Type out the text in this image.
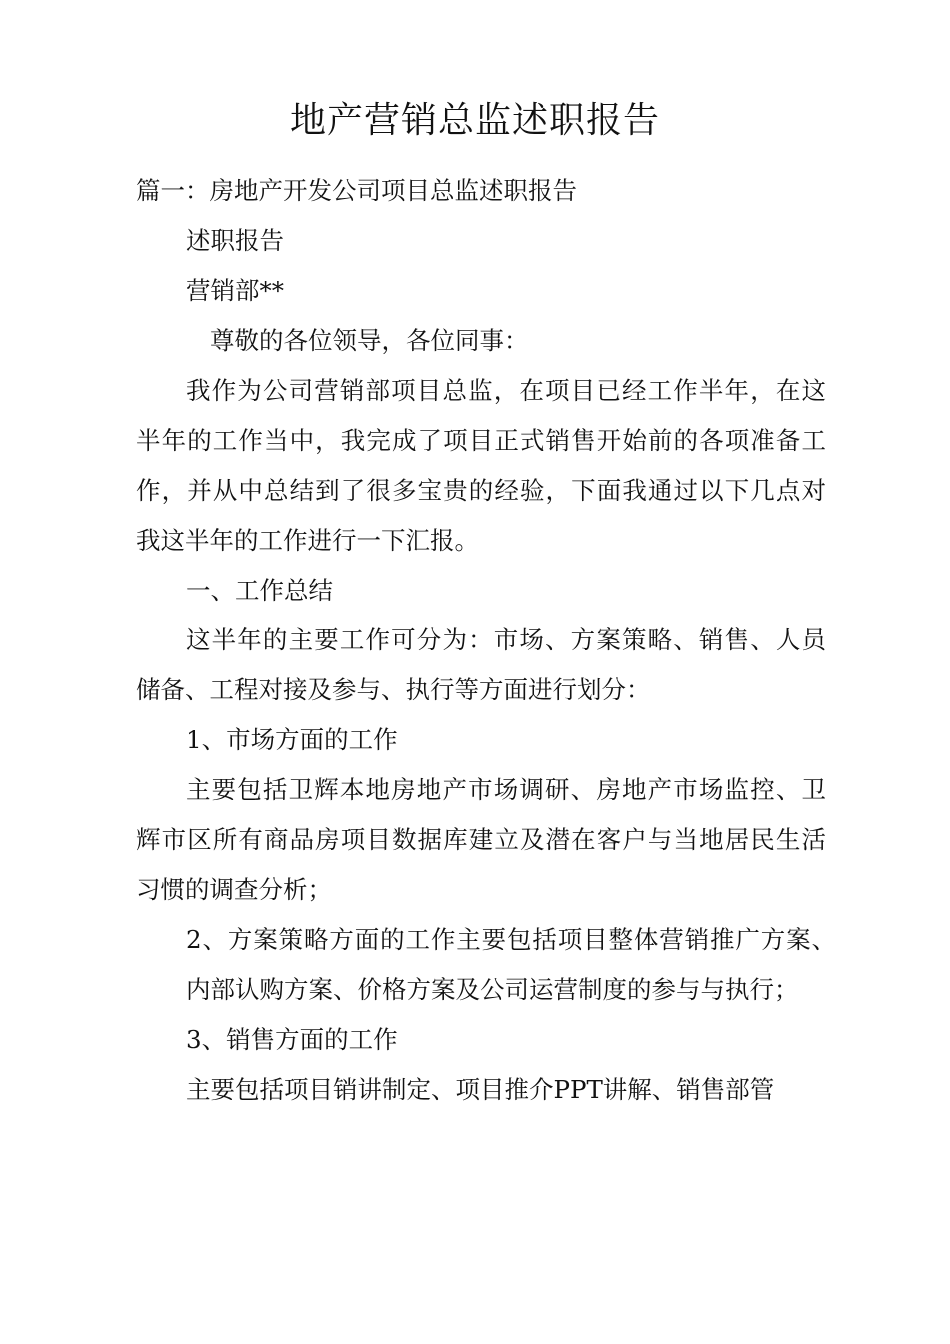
地产营销总监述职报告
篇一：房地产开发公司项目总监述职报告
述职报告
营销部**
尊敬的各位领导，各位同事：
我作为公司营销部项目总监，在项目已经工作半年，在这
半年的工作当中，我完成了项目正式销售开始前的各项准备工
作，并从中总结到了很多宝贵的经验，下面我通过以下几点对
我这半年的工作进行一下汇报。
一、工作总结
这半年的主要工作可分为：市场、方案策略、销售、人员
储备、工程对接及参与、执行等方面进行划分：
1、市场方面的工作
主要包括卫辉本地房地产市场调研、房地产市场监控、卫
辉市区所有商品房项目数据库建立及潜在客户与当地居民生活
习惯的调查分析；
2、方案策略方面的工作主要包括项目整体营销推广方案、
内部认购方案、价格方案及公司运营制度的参与与执行；
3、销售方面的工作
主要包括项目销讲制定、项目推介PPT讲解、销售部管
